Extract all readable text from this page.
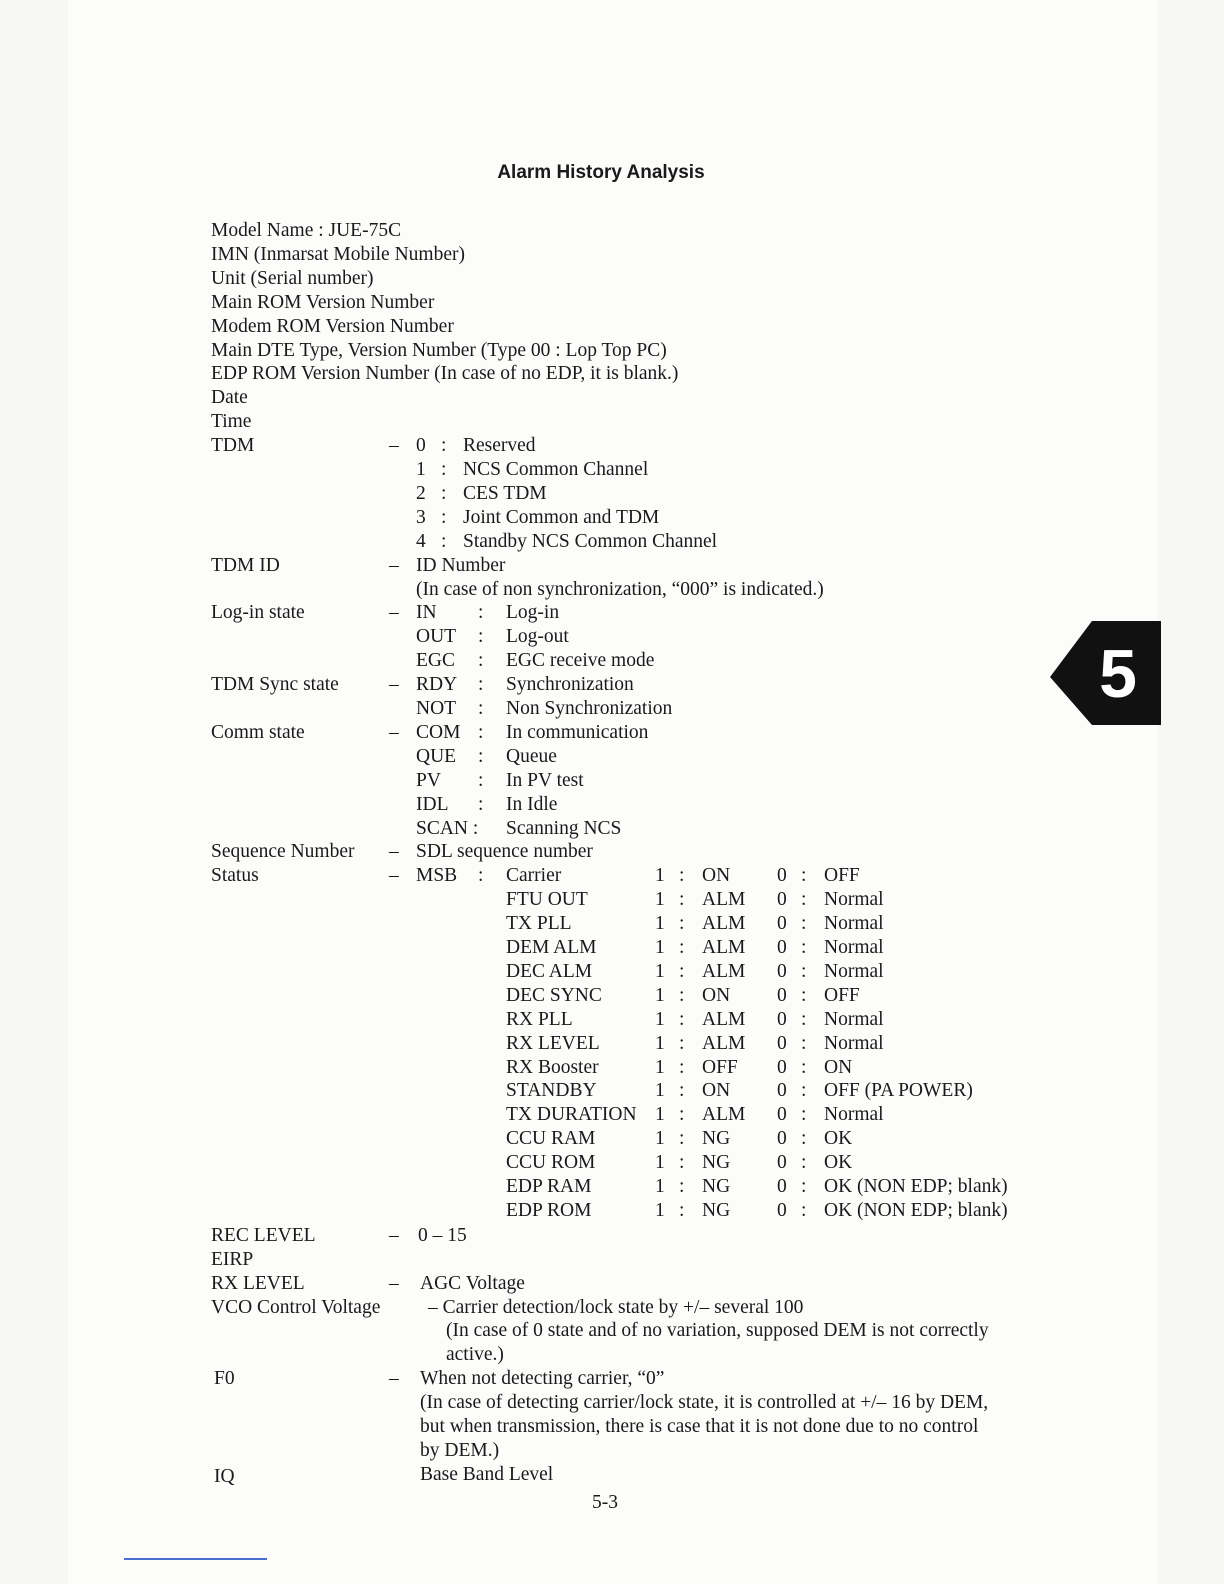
Alarm History Analysis
Model Name : JUE-75C
IMN (Inmarsat Mobile Number)
Unit (Serial number)
Main ROM Version Number
Modem ROM Version Number
Main DTE Type, Version Number (Type 00 : Lop Top PC)
EDP ROM Version Number (In case of no EDP, it is blank.)
Date
Time
TDM	– 0 : Reserved
1 : NCS Common Channel
2 : CES TDM
3 : Joint Common and TDM
4 : Standby NCS Common Channel
TDM ID	– ID Number
(In case of non synchronization, “000” is indicated.)
Log-in state	– IN : Log-in
OUT : Log-out
EGC : EGC receive mode
TDM Sync state	– RDY : Synchronization
NOT : Non Synchronization
Comm state	– COM : In communication
QUE : Queue
PV : In PV test
IDL : In Idle
SCAN : Scanning NCS
Sequence Number – SDL sequence number
Status	– MSB : Carrier	1 : ON 0 : OFF
FTU OUT	1 : ALM 0 : Normal
TX PLL	1 : ALM 0 : Normal
DEM ALM	1 : ALM 0 : Normal
DEC ALM	1 : ALM 0 : Normal
DEC SYNC	1 : ON 0 : OFF
RX PLL	1 : ALM 0 : Normal
RX LEVEL	1 : ALM 0 : Normal
RX Booster	1 : OFF 0 : ON
STANDBY	1 : ON 0 : OFF (PA POWER)
TX DURATION 1 : ALM 0 : Normal
CCU RAM	1 : NG 0 : OK
CCU ROM	1 : NG 0 : OK
EDP RAM	1 : NG 0 : OK (NON EDP; blank)
EDP ROM	1 : NG 0 : OK (NON EDP; blank)
REC LEVEL	– 0 – 15
EIRP
RX LEVEL	– AGC Voltage
VCO Control Voltage – Carrier detection/lock state by +/– several 100
(In case of 0 state and of no variation, supposed DEM is not correctly
active.)
F0	– When not detecting carrier, “0”
(In case of detecting carrier/lock state, it is controlled at +/– 16 by DEM,
but when transmission, there is case that it is not done due to no control
by DEM.)
IQ	Base Band Level
5
5-3
